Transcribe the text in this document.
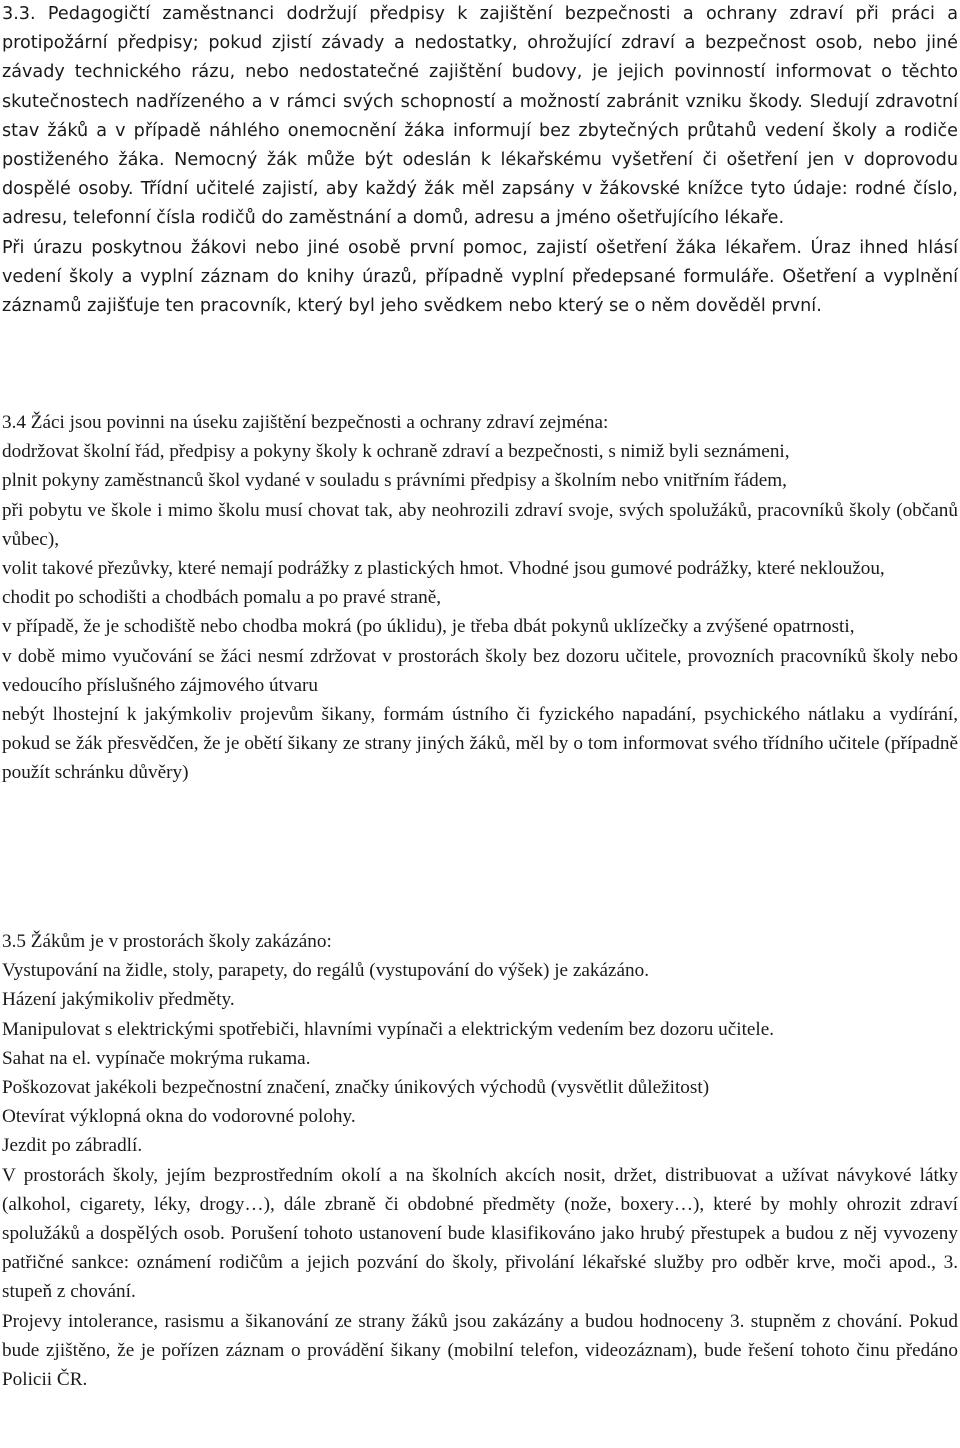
3.3. Pedagogičtí zaměstnanci dodržují předpisy k zajištění bezpečnosti a ochrany zdraví při práci a protipožární předpisy; pokud zjistí závady a nedostatky, ohrožující zdraví a bezpečnost osob, nebo jiné závady technického rázu, nebo nedostatečné zajištění budovy, je jejich povinností informovat o těchto skutečnostech nadřízeného a v rámci svých schopností a možností zabránit vzniku škody. Sledují zdravotní stav žáků a v případě náhlého onemocnění žáka informují bez zbytečných průtahů vedení školy a rodiče postiženého žáka. Nemocný žák může být odeslán k lékařskému vyšetření či ošetření jen v doprovodu dospělé osoby. Třídní učitelé zajistí, aby každý žák měl zapsány v žákovské knížce tyto údaje: rodné číslo, adresu, telefonní čísla rodičů do zaměstnání a domů, adresu a jméno ošetřujícího lékaře.

Při úrazu poskytnou žákovi nebo jiné osobě první pomoc, zajistí ošetření žáka lékařem. Úraz ihned hlásí vedení školy a vyplní záznam do knihy úrazů, případně vyplní předepsané formuláře. Ošetření a vyplnění záznamů zajišťuje ten pracovník, který byl jeho svědkem nebo který se o něm dověděl první.

3.4 Žáci jsou povinni na úseku zajištění bezpečnosti a ochrany zdraví zejména:

dodržovat školní řád, předpisy a pokyny školy k ochraně zdraví a bezpečnosti, s nimiž byli seznámeni,

plnit pokyny zaměstnanců škol vydané v souladu s právními předpisy a školním nebo vnitřním řádem,

při pobytu ve škole i mimo školu musí chovat tak, aby neohrozili zdraví svoje, svých spolužáků, pracovníků školy (občanů vůbec),

volit takové přezůvky, které nemají podrážky z plastických hmot. Vhodné jsou gumové podrážky, které nekloužou,

chodit po schodišti a chodbách pomalu a po pravé straně,

v případě, že je schodiště nebo chodba mokrá (po úklidu), je třeba dbát pokynů uklízečky a zvýšené opatrnosti,

v době mimo vyučování se žáci nesmí zdržovat v prostorách školy bez dozoru učitele, provozních pracovníků školy nebo vedoucího příslušného zájmového útvaru

nebýt lhostejní k jakýmkoliv projevům šikany, formám ústního či fyzického napadání, psychického nátlaku a vydírání, pokud se žák přesvědčen, že je obětí šikany ze strany jiných žáků, měl by o tom informovat svého třídního učitele (případně použít schránku důvěry)

3.5 Žákům je v prostorách školy zakázáno:

Vystupování na židle, stoly, parapety, do regálů (vystupování do výšek) je zakázáno.

Házení jakýmikoliv předměty.

Manipulovat s elektrickými spotřebiči, hlavními vypínači a elektrickým vedením bez dozoru učitele.

Sahat na el. vypínače mokrýma rukama.

Poškozovat jakékoli bezpečnostní značení, značky únikových východů (vysvětlit důležitost)

Otevírat výklopná okna do vodorovné polohy.

Jezdit po zábradlí.

V prostorách školy, jejím bezprostředním okolí a na školních akcích nosit, držet, distribuovat a užívat návykové látky (alkohol, cigarety, léky, drogy…), dále zbraně či obdobné předměty (nože, boxery…), které by mohly ohrozit zdraví spolužáků a dospělých osob. Porušení tohoto ustanovení bude klasifikováno jako hrubý přestupek a budou z něj vyvozeny patřičné sankce: oznámení rodičům a jejich pozvání do školy, přivolání lékařské služby pro odběr krve, moči apod., 3. stupeň z chování.

Projevy intolerance, rasismu a šikanování ze strany žáků jsou zakázány a budou hodnoceny 3. stupněm z chování. Pokud bude zjištěno, že je pořízen záznam o provádění šikany (mobilní telefon, videozáznam), bude řešení tohoto činu předáno Policii ČR.
